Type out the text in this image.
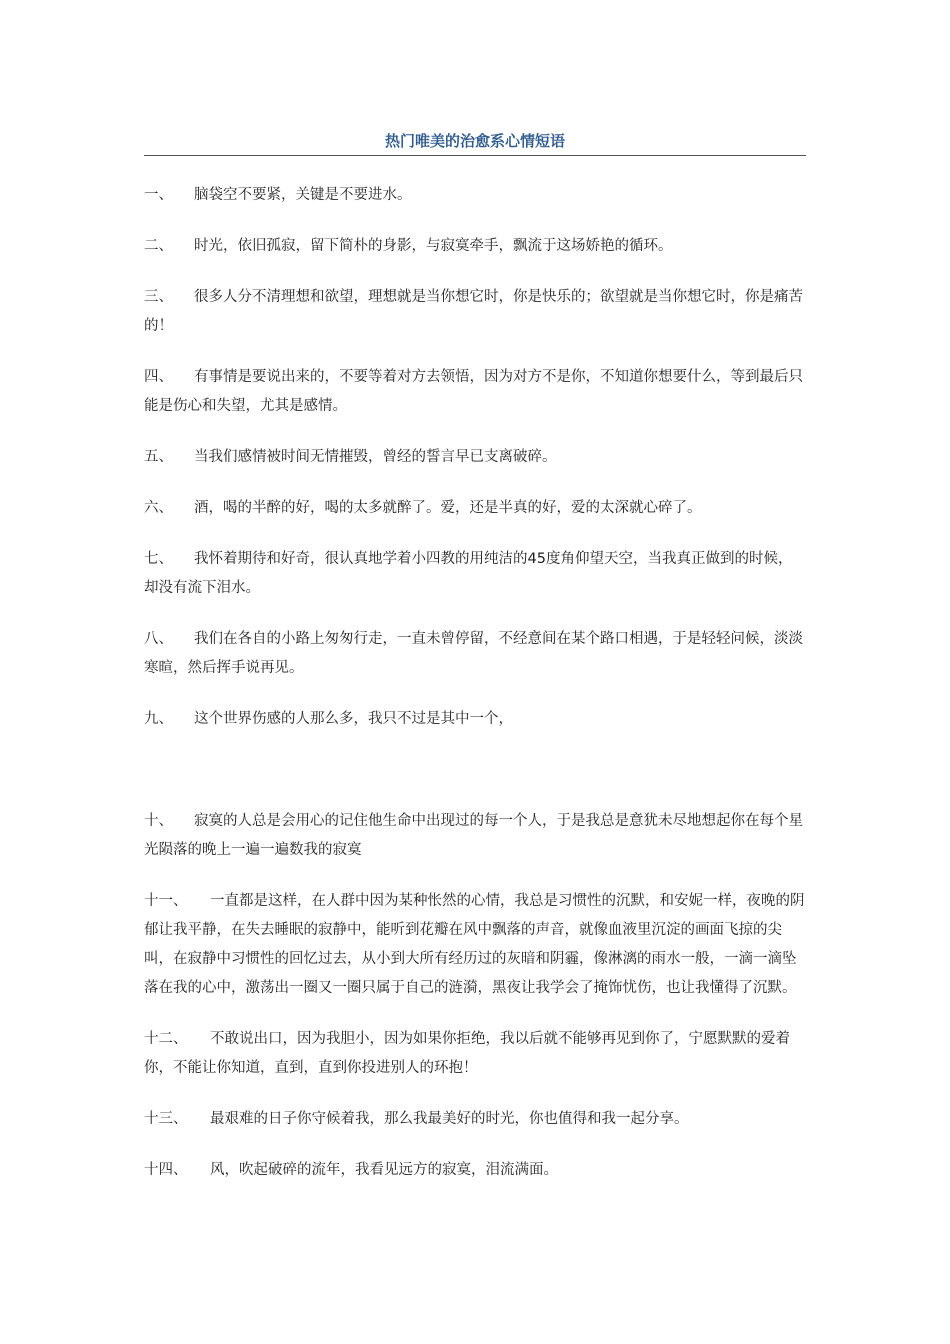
热门唯美的治愈系心情短语

一、 脑袋空不要紧，关键是不要进水。

二、 时光，依旧孤寂，留下简朴的身影，与寂寞牵手，飘流于这场娇艳的循环。

三、 很多人分不清理想和欲望，理想就是当你想它时，你是快乐的；欲望就是当你想它时，你是痛苦的！

四、 有事情是要说出来的，不要等着对方去领悟，因为对方不是你，不知道你想要什么，等到最后只能是伤心和失望，尤其是感情。

五、 当我们感情被时间无情摧毁，曾经的誓言早已支离破碎。

六、 酒，喝的半醉的好，喝的太多就醉了。爱，还是半真的好，爱的太深就心碎了。

七、 我怀着期待和好奇，很认真地学着小四教的用纯洁的45度角仰望天空，当我真正做到的时候，却没有流下泪水。

八、 我们在各自的小路上匆匆行走，一直未曾停留，不经意间在某个路口相遇，于是轻轻问候，淡淡寒暄，然后挥手说再见。

九、 这个世界伤感的人那么多，我只不过是其中一个，

十、 寂寞的人总是会用心的记住他生命中出现过的每一个人，于是我总是意犹未尽地想起你在每个星光陨落的晚上一遍一遍数我的寂寞

十一、 一直都是这样，在人群中因为某种怅然的心情，我总是习惯性的沉默，和安妮一样，夜晚的阴郁让我平静，在失去睡眠的寂静中，能听到花瓣在风中飘落的声音，就像血液里沉淀的画面飞掠的尖叫，在寂静中习惯性的回忆过去，从小到大所有经历过的灰暗和阴霾，像淋漓的雨水一般，一滴一滴坠落在我的心中，激荡出一圈又一圈只属于自己的涟漪，黑夜让我学会了掩饰忧伤，也让我懂得了沉默。

十二、 不敢说出口，因为我胆小，因为如果你拒绝，我以后就不能够再见到你了，宁愿默默的爱着你，不能让你知道，直到，直到你投进别人的环抱！

十三、 最艰难的日子你守候着我，那么我最美好的时光，你也值得和我一起分享。

十四、 风，吹起破碎的流年，我看见远方的寂寞，泪流满面。
